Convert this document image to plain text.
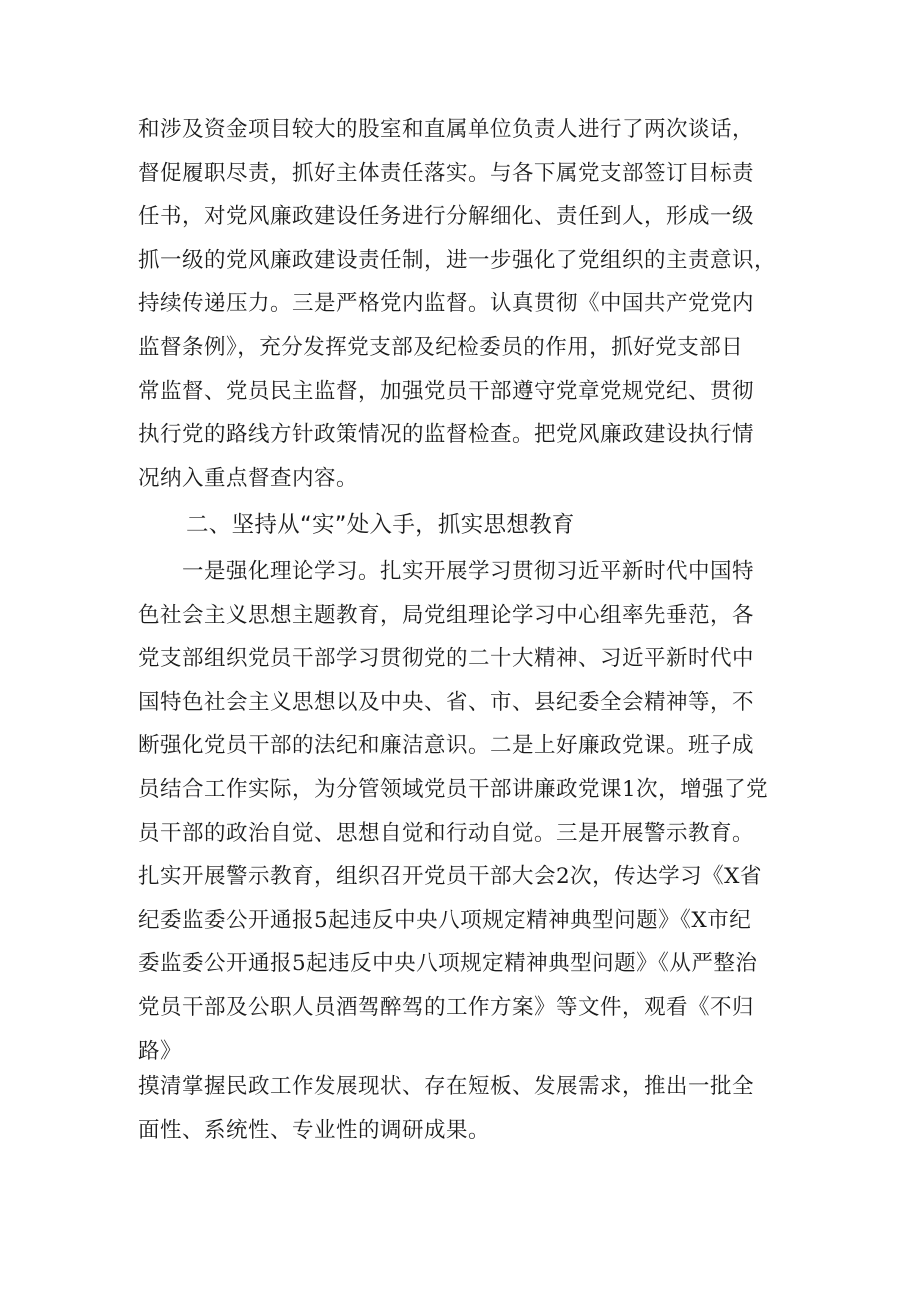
和涉及资金项目较大的股室和直属单位负责人进行了两次谈话，
督促履职尽责，抓好主体责任落实。与各下属党支部签订目标责
任书，对党风廉政建设任务进行分解细化、责任到人，形成一级
抓一级的党风廉政建设责任制，进一步强化了党组织的主责意识，
持续传递压力。三是严格党内监督。认真贯彻《中国共产党党内
监督条例》，充分发挥党支部及纪检委员的作用，抓好党支部日
常监督、党员民主监督，加强党员干部遵守党章党规党纪、贯彻
执行党的路线方针政策情况的监督检查。把党风廉政建设执行情
况纳入重点督查内容。
二、坚持从“实”处入手，抓实思想教育
一是强化理论学习。扎实开展学习贯彻习近平新时代中国特
色社会主义思想主题教育，局党组理论学习中心组率先垂范，各
党支部组织党员干部学习贯彻党的二十大精神、习近平新时代中
国特色社会主义思想以及中央、省、市、县纪委全会精神等，不
断强化党员干部的法纪和廉洁意识。二是上好廉政党课。班子成
员结合工作实际，为分管领域党员干部讲廉政党课1次，增强了党
员干部的政治自觉、思想自觉和行动自觉。三是开展警示教育。
扎实开展警示教育，组织召开党员干部大会2次，传达学习《X省
纪委监委公开通报5起违反中央八项规定精神典型问题》《X市纪
委监委公开通报5起违反中央八项规定精神典型问题》《从严整治
党员干部及公职人员酒驾醉驾的工作方案》等文件，观看《不归
路》
摸清掌握民政工作发展现状、存在短板、发展需求，推出一批全
面性、系统性、专业性的调研成果。
